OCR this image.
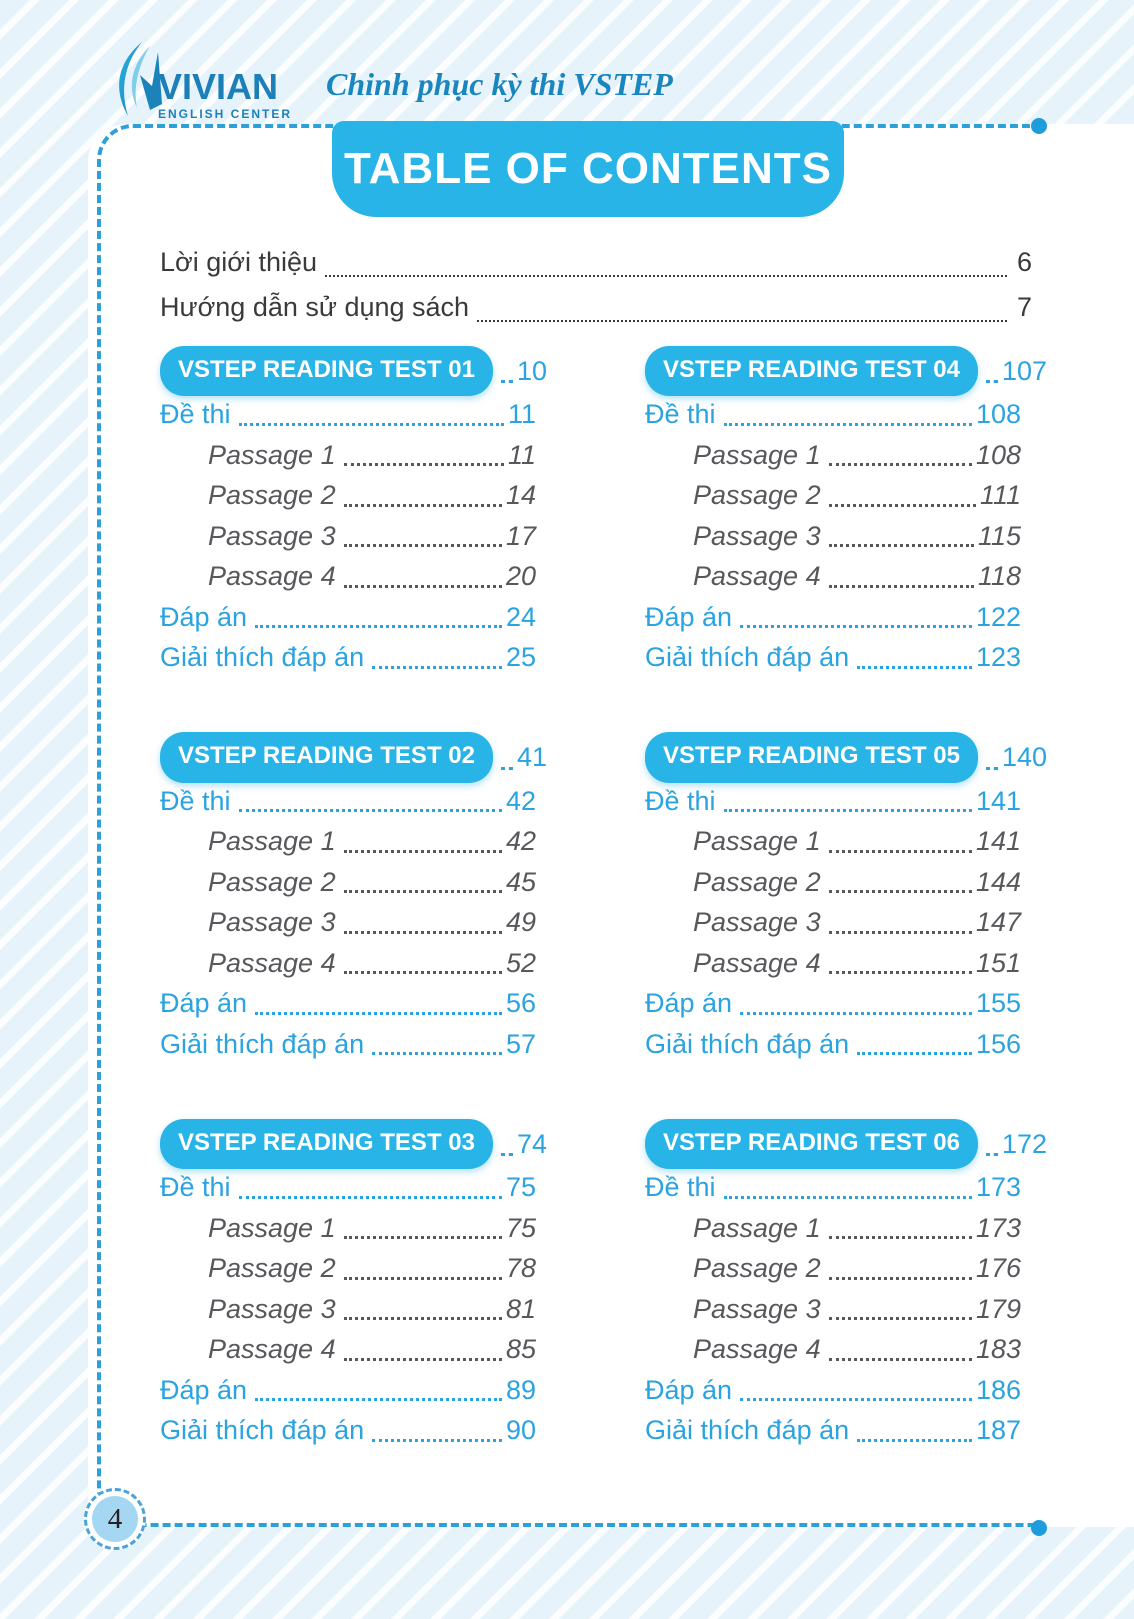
VIVIAN
ENGLISH CENTER
Chinh phục kỳ thi VSTEP
TABLE OF CONTENTS
Lời giới thiệu	6
Hướng dẫn sử dụng sách	7
VSTEP READING TEST 01	10
Đề thi	11
Passage 1	11
Passage 2	14
Passage 3	17
Passage 4	20
Đáp án	24
Giải thích đáp án	25
VSTEP READING TEST 02	41
Đề thi	42
Passage 1	42
Passage 2	45
Passage 3	49
Passage 4	52
Đáp án	56
Giải thích đáp án	57
VSTEP READING TEST 03	74
Đề thi	75
Passage 1	75
Passage 2	78
Passage 3	81
Passage 4	85
Đáp án	89
Giải thích đáp án	90
VSTEP READING TEST 04	107
Đề thi	108
Passage 1	108
Passage 2	111
Passage 3	115
Passage 4	118
Đáp án	122
Giải thích đáp án	123
VSTEP READING TEST 05	140
Đề thi	141
Passage 1	141
Passage 2	144
Passage 3	147
Passage 4	151
Đáp án	155
Giải thích đáp án	156
VSTEP READING TEST 06	172
Đề thi	173
Passage 1	173
Passage 2	176
Passage 3	179
Passage 4	183
Đáp án	186
Giải thích đáp án	187
4
